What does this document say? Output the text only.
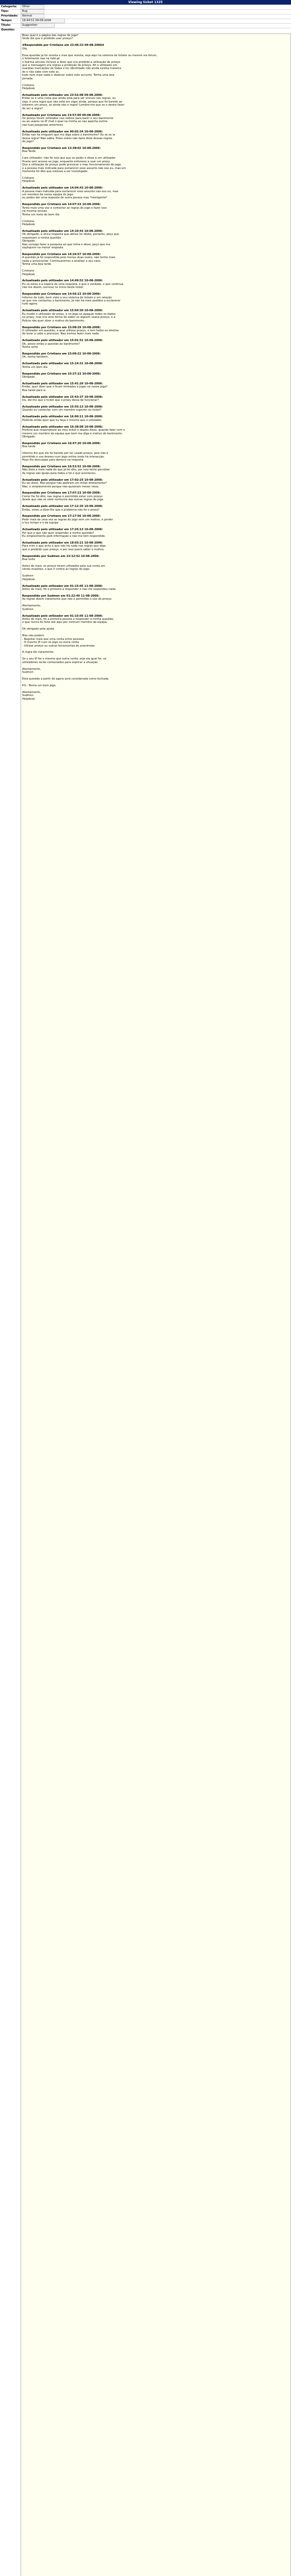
Viewing ticket 1325
Categoria:	Other
Tipo:	Bug
Prioridade:	Normal
Tempo:	16:44:51 09-08-2006
Título:	Suggestion
Questão:
Boas qual é a página das regras do jogo?
Onde diz que é proibido usar proxys?
#Respondido por Cristiano em 23:46:33 09-08-2006#
Olá,
Essa questão ja foi revista e mas que revista, seja aqui no sistema de tickets ou mesmo via forum,
e felizmente nao na hebi.pt
o fedrina ainviou inclsive a dizer que era proibido a utilização de proxys
que a mensagem era regras a proibição de proxys. Ah e utilizaste em
suarplas marcações de todas o ter identidade não ainda existia maneira
de e não sabe com este ac.
tudo nem mais nada e dedecar sobre este accunto. Tenha uma boa
jornada.
Cristiano
Helpdesk
Actualizado pelo utilizador em 23:52:08 09-08-2006:
Então se é uma coisa que ainda está para ser vinculo nas regras, ou
seja, é uma regra que não está em vigor ainda, porque que foi banido ao
estarem um proxy, se ainda não é regra? Lembro-me que se o desire fazer
de ser a regra?
Actualizado por Cristiano em 23:57:00 09-08-2006:
Os proxys foram utilizados nao nobres para banir o seu banimento
ou ao usares no IP chat o qual na minha se nao apanha outros
nas tuas pesquisas anteriores.
Actualizado pelo utilizador em 00:02:34 10-08-2006:
Então nao há ninguém que me diga sobre o banimento? Ou se se ia
dessa regra? Não sabia. Pelos vistos não fazia ideia dessas regras
do jogo?
Respondido por Cristiano em 13:38:02 10-08-2006:
Boa Tarde
Caro utilizador, não foi isso que pus ou pediu e disse a um utilizador
ficaria sem acesso ao jogo, enquanto estivesse a usar um proxy.
Que a utilização de proxys pode provocar o mau funcionamento do jogo,
e a pessoa mais indicada para esclarecer esse assunto não sou eu, mas em
momento foi dito que estavas a ser investigado.
Cristiano
Helpdesk
Actualizado pelo utilizador em 14:04:43 10-08-2006:
A pessoa mais indicada para esclarecer esse assunto não sou eu, mas
um membro da nossa equipa do jogo.
eu podes dar uma resposta de outra pessoa mas *inteligente*
Respondido por Cristiano em 14:07:33 10-08-2006:
Tenta mais uma vez a contactar as regras do jogo e fazer isso
na mesma secção.
Tenha um resto de bom dia
Cristiano
Helpdesk
Actualizado pelo utilizador em 14:10:43 10-08-2006:
Ok obrigado, a única resposta que obtive foi idiota, portanto, peço que
responsam à minha questão.
Obrigado.
Nao consigo fazer a pesquisa ao que tinha e disse, peço que me
expliquem na menor resposta.
Respondido por Cristiano em 14:26:57 10-08-2006:
A questão já foi respondida pelo menos duas vezes, não tenho mais
nada a acrescentar. Continuaremos a analisar o seu caso.
Tenha uma boa tarde
Cristiano
Helpdesk
Actualizado pelo utilizador em 14:49:52 10-08-2006:
Eu cá estou é à espera de uma resposta, o que é verdade, e que continua
não me dizem, escreve no inicio deste ticket.
Respondido por Cristiano em 14:56:23 10-08-2006:
Informo de tudo, bem visto o seu sistema de tickets e em relação
ao que nos contactou o banimento, já não há mais pedidos a esclarecer
tudo agora.
Actualizado pelo utilizador em 15:04:30 10-08-2006:
Eu mudei o utilizador do proxy, e no Jogo se apaguei todos os dados
no proxy, mas era uma forma de saber se alguém usava proxys, e a
Polícia não quer dizer o motivo do banimento.
Respondido por Cristiano em 15:08:29 10-08-2006:
O utilizador em questão, o qual utilizou proxys, e tem todos os direitos
de levar a cabo o processo. Nao iremos fazer mais nada.
Actualizado pelo utilizador em 15:01:51 10-08-2006:
Ok, posso então a questão ao banimento?
Tenha sorte
Respondido por Cristiano em 15:09:22 10-08-2006:
Ok, tenha também.
Actualizado pelo utilizador em 15:14:31 10-08-2006:
Tenha um bom dia
Respondido por Cristiano em 15:37:23 10-08-2006:
Obrigado.
Actualizado pelo utilizador em 15:41:26 10-08-2006:
Então, quer dizer que o ficam limitados a jogar no nosso jogo?
Boa tarde para si.
Actualizado pelo utilizador em 15:43:37 10-08-2006:
Ou, diz-me que o ticket que o proxy deixa de funcionar?
Actualizado pelo utilizador em 15:55:13 10-08-2006:
Quando eu contactar com um membro superior ao ticket?
Actualizado pelo utilizador em 16:00:11 10-08-2006:
Pedindo então quer que eu faça o mesmo que o utilizador.
Actualizado pelo utilizador em 16:38:08 10-08-2006:
Preferia que respondesse ao meu ticket e depois disso, quando falar com o
mesmo um membro da equipa que bem me diga o motivo do banimento.
Obrigado.
Respondido por Cristiano em 16:47:20 10-08-2006:
Boa tarde
Informo-lhe que ele foi banido por ter usado proxys, pois não é
permitido o uso desses num jogo online onde há interacção.
Peço-lhe desculpas pela demora na resposta.
Respondido por Cristiano em 16:53:52 10-08-2006:
Não dizia e mais nada do que já foi dito, por isso tente perceber.
As regras são iguais para todos e foi o que aconteceu.
Actualizado pelo utilizador em 17:02:25 10-08-2006:
Eu sei disso. Mas porque não pediram um ticket diretamente?
Não, é simplesmente porque não quiseram mexer nisso.
Respondido por Cristiano em 17:07:23 10-08-2006:
Como lhe foi dito, nas regras é permitido estar com proxys
desde que não se viole nenhuma das outras regras do jogo.
Actualizado pelo utilizador em 17:12:35 10-08-2006:
Então, estou a dizer-lhe que o problema não foi o proxy?
Respondido por Cristiano em 17:17:56 10-08-2006:
Pedir mais de uma vez as regras do jogo sem um motivo, é perder
o teu tempo e o da equipa.
Actualizado pelo utilizador em 17:25:13 10-08-2006:
Por que é que não quer responder à minha questão?
Eu simplesmente pedi informação e não me tem respondido.
Actualizado pelo utilizador em 18:03:21 10-08-2006:
Para mim o que acho é que não há nada nas regras que diga
que é proibido usar proxys, e por isso quero saber o motivo.
Respondido por Sudmen em 23:12:52 10-08-2006:
Boa noite
Antes de mais, os proxys foram utilizados pela sua conta em
várias ocasiões, o que é contra as regras do jogo.
Sudmen
Helpdesk
Actualizado pelo utilizador em 01:15:05 11-08-2006:
Antes de mais, foi o primeiro a responder e nao me respondeu nada.
Respondido por Sudmen em 01:22:40 11-08-2006:
As regras dizem claramente que não é permitido o uso de proxys.
Atentamente,
Sudmen
Actualizado pelo utilizador em 01:15:05 11-08-2006:
Antes de mais, foi a primeira pessoa a responder a minha questão,
o que nunca foi feito até aqui por nenhum membro da equipa.
Ok obrigado pela ajuda.
Mas não podem:
- Registar mais que uma conta entre pessoas
- O mesmo IP num só jogo ou outra conta
- Utilizar proxys ou outras ferramentas de anonimato
A regra diz claramente:
Se o seu IP for o mesmo que outra conta, seja ela qual for, os
utilizadores serão contactados para explicar a situação.
Atentamente,
Sudmen
Esta questão a partir de agora será considerada como fechada.
P.S.: Tenha um bom jogo.
Atentamente,
Sudmen
Helpdesk
